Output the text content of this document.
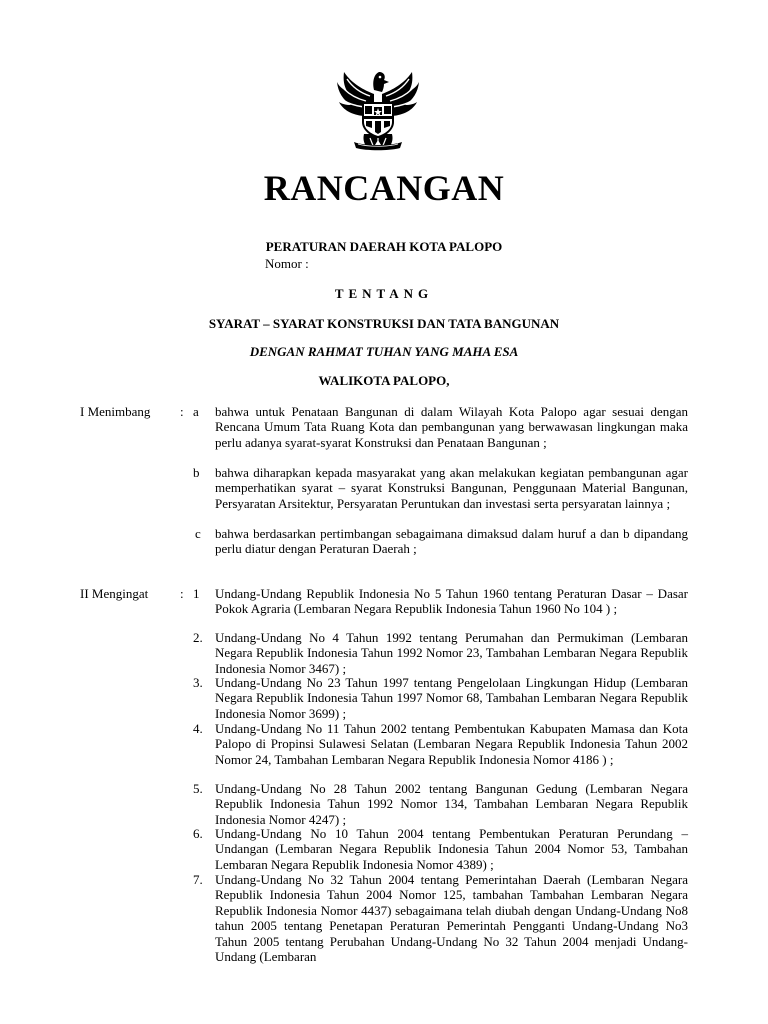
RANCANGAN
PERATURAN DAERAH KOTA PALOPO
Nomor :
TENTANG
SYARAT – SYARAT KONSTRUKSI DAN TATA BANGUNAN
DENGAN RAHMAT TUHAN YANG MAHA ESA
WALIKOTA PALOPO,
I Menimbang : a bahwa untuk Penataan Bangunan di dalam Wilayah Kota Palopo agar sesuai dengan Rencana Umum Tata Ruang Kota dan pembangunan yang berwawasan lingkungan maka perlu adanya syarat-syarat Konstruksi dan Penataan Bangunan ;
b bahwa diharapkan kepada masyarakat yang akan melakukan kegiatan pembangunan agar memperhatikan syarat – syarat Konstruksi Bangunan, Penggunaan Material Bangunan, Persyaratan Arsitektur, Persyaratan Peruntukan dan investasi serta persyaratan lainnya ;
c bahwa berdasarkan pertimbangan sebagaimana dimaksud dalam huruf a dan b dipandang perlu diatur dengan Peraturan Daerah ;
II Mengingat : 1 Undang-Undang Republik Indonesia No 5 Tahun 1960 tentang Peraturan Dasar – Dasar Pokok Agraria (Lembaran Negara Republik Indonesia Tahun 1960 No 104 ) ;
2. Undang-Undang No 4 Tahun 1992 tentang Perumahan dan Permukiman (Lembaran Negara Republik Indonesia Tahun 1992 Nomor 23, Tambahan Lembaran Negara Republik Indonesia Nomor 3467) ;
3. Undang-Undang No 23 Tahun 1997 tentang Pengelolaan Lingkungan Hidup (Lembaran Negara Republik Indonesia Tahun 1997 Nomor 68, Tambahan Lembaran Negara Republik Indonesia Nomor 3699) ;
4. Undang-Undang No 11 Tahun 2002 tentang Pembentukan Kabupaten Mamasa dan Kota Palopo di Propinsi Sulawesi Selatan (Lembaran Negara Republik Indonesia Tahun 2002 Nomor 24, Tambahan Lembaran Negara Republik Indonesia Nomor 4186 ) ;
5. Undang-Undang No 28 Tahun 2002 tentang Bangunan Gedung (Lembaran Negara Republik Indonesia Tahun 1992 Nomor 134, Tambahan Lembaran Negara Republik Indonesia Nomor 4247) ;
6. Undang-Undang No 10 Tahun 2004 tentang Pembentukan Peraturan Perundang – Undangan (Lembaran Negara Republik Indonesia Tahun 2004 Nomor 53, Tambahan Lembaran Negara Republik Indonesia Nomor 4389) ;
7. Undang-Undang No 32 Tahun 2004 tentang Pemerintahan Daerah (Lembaran Negara Republik Indonesia Tahun 2004 Nomor 125, tambahan Tambahan Lembaran Negara Republik Indonesia Nomor 4437) sebagaimana telah diubah dengan Undang-Undang No8 tahun 2005 tentang Penetapan Peraturan Pemerintah Pengganti Undang-Undang No3 Tahun 2005 tentang Perubahan Undang-Undang No 32 Tahun 2004 menjadi Undang-Undang (Lembaran
